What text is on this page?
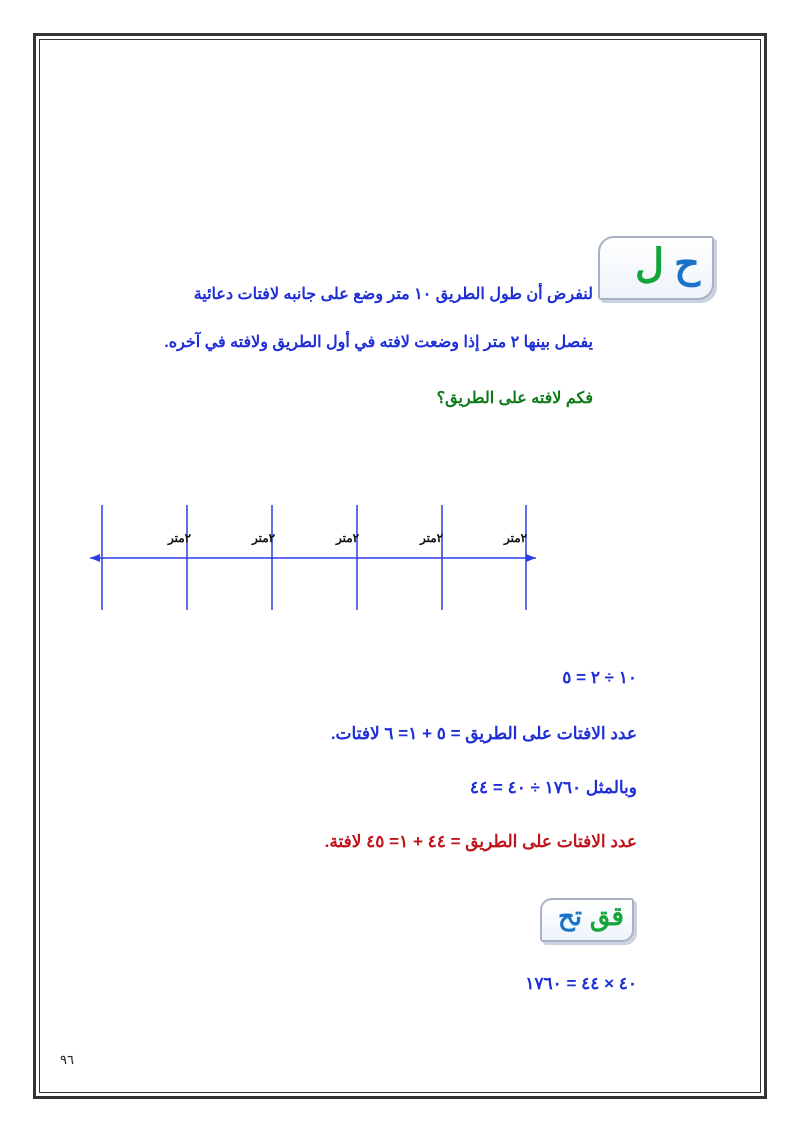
ح
ل
لنفرض أن طول الطريق ١٠ متر وضع على جانبه لافتات دعائية
يفصل بينها ٢ متر إذا وضعت لافته في أول الطريق ولافته في آخره.
فكم لافته على الطريق؟
٢متر	٢متر	٢متر	٢متر	٢متر
١٠ ÷ ٢ = ٥
عدد الافتات على الطريق = ٥ + ١= ٦ لافتات.
وبالمثل ١٧٦٠ ÷ ٤٠ = ٤٤
عدد الافتات على الطريق = ٤٤ + ١= ٤٥ لافتة.
تح قق
٤٠ × ٤٤ = ١٧٦٠
٩٦
